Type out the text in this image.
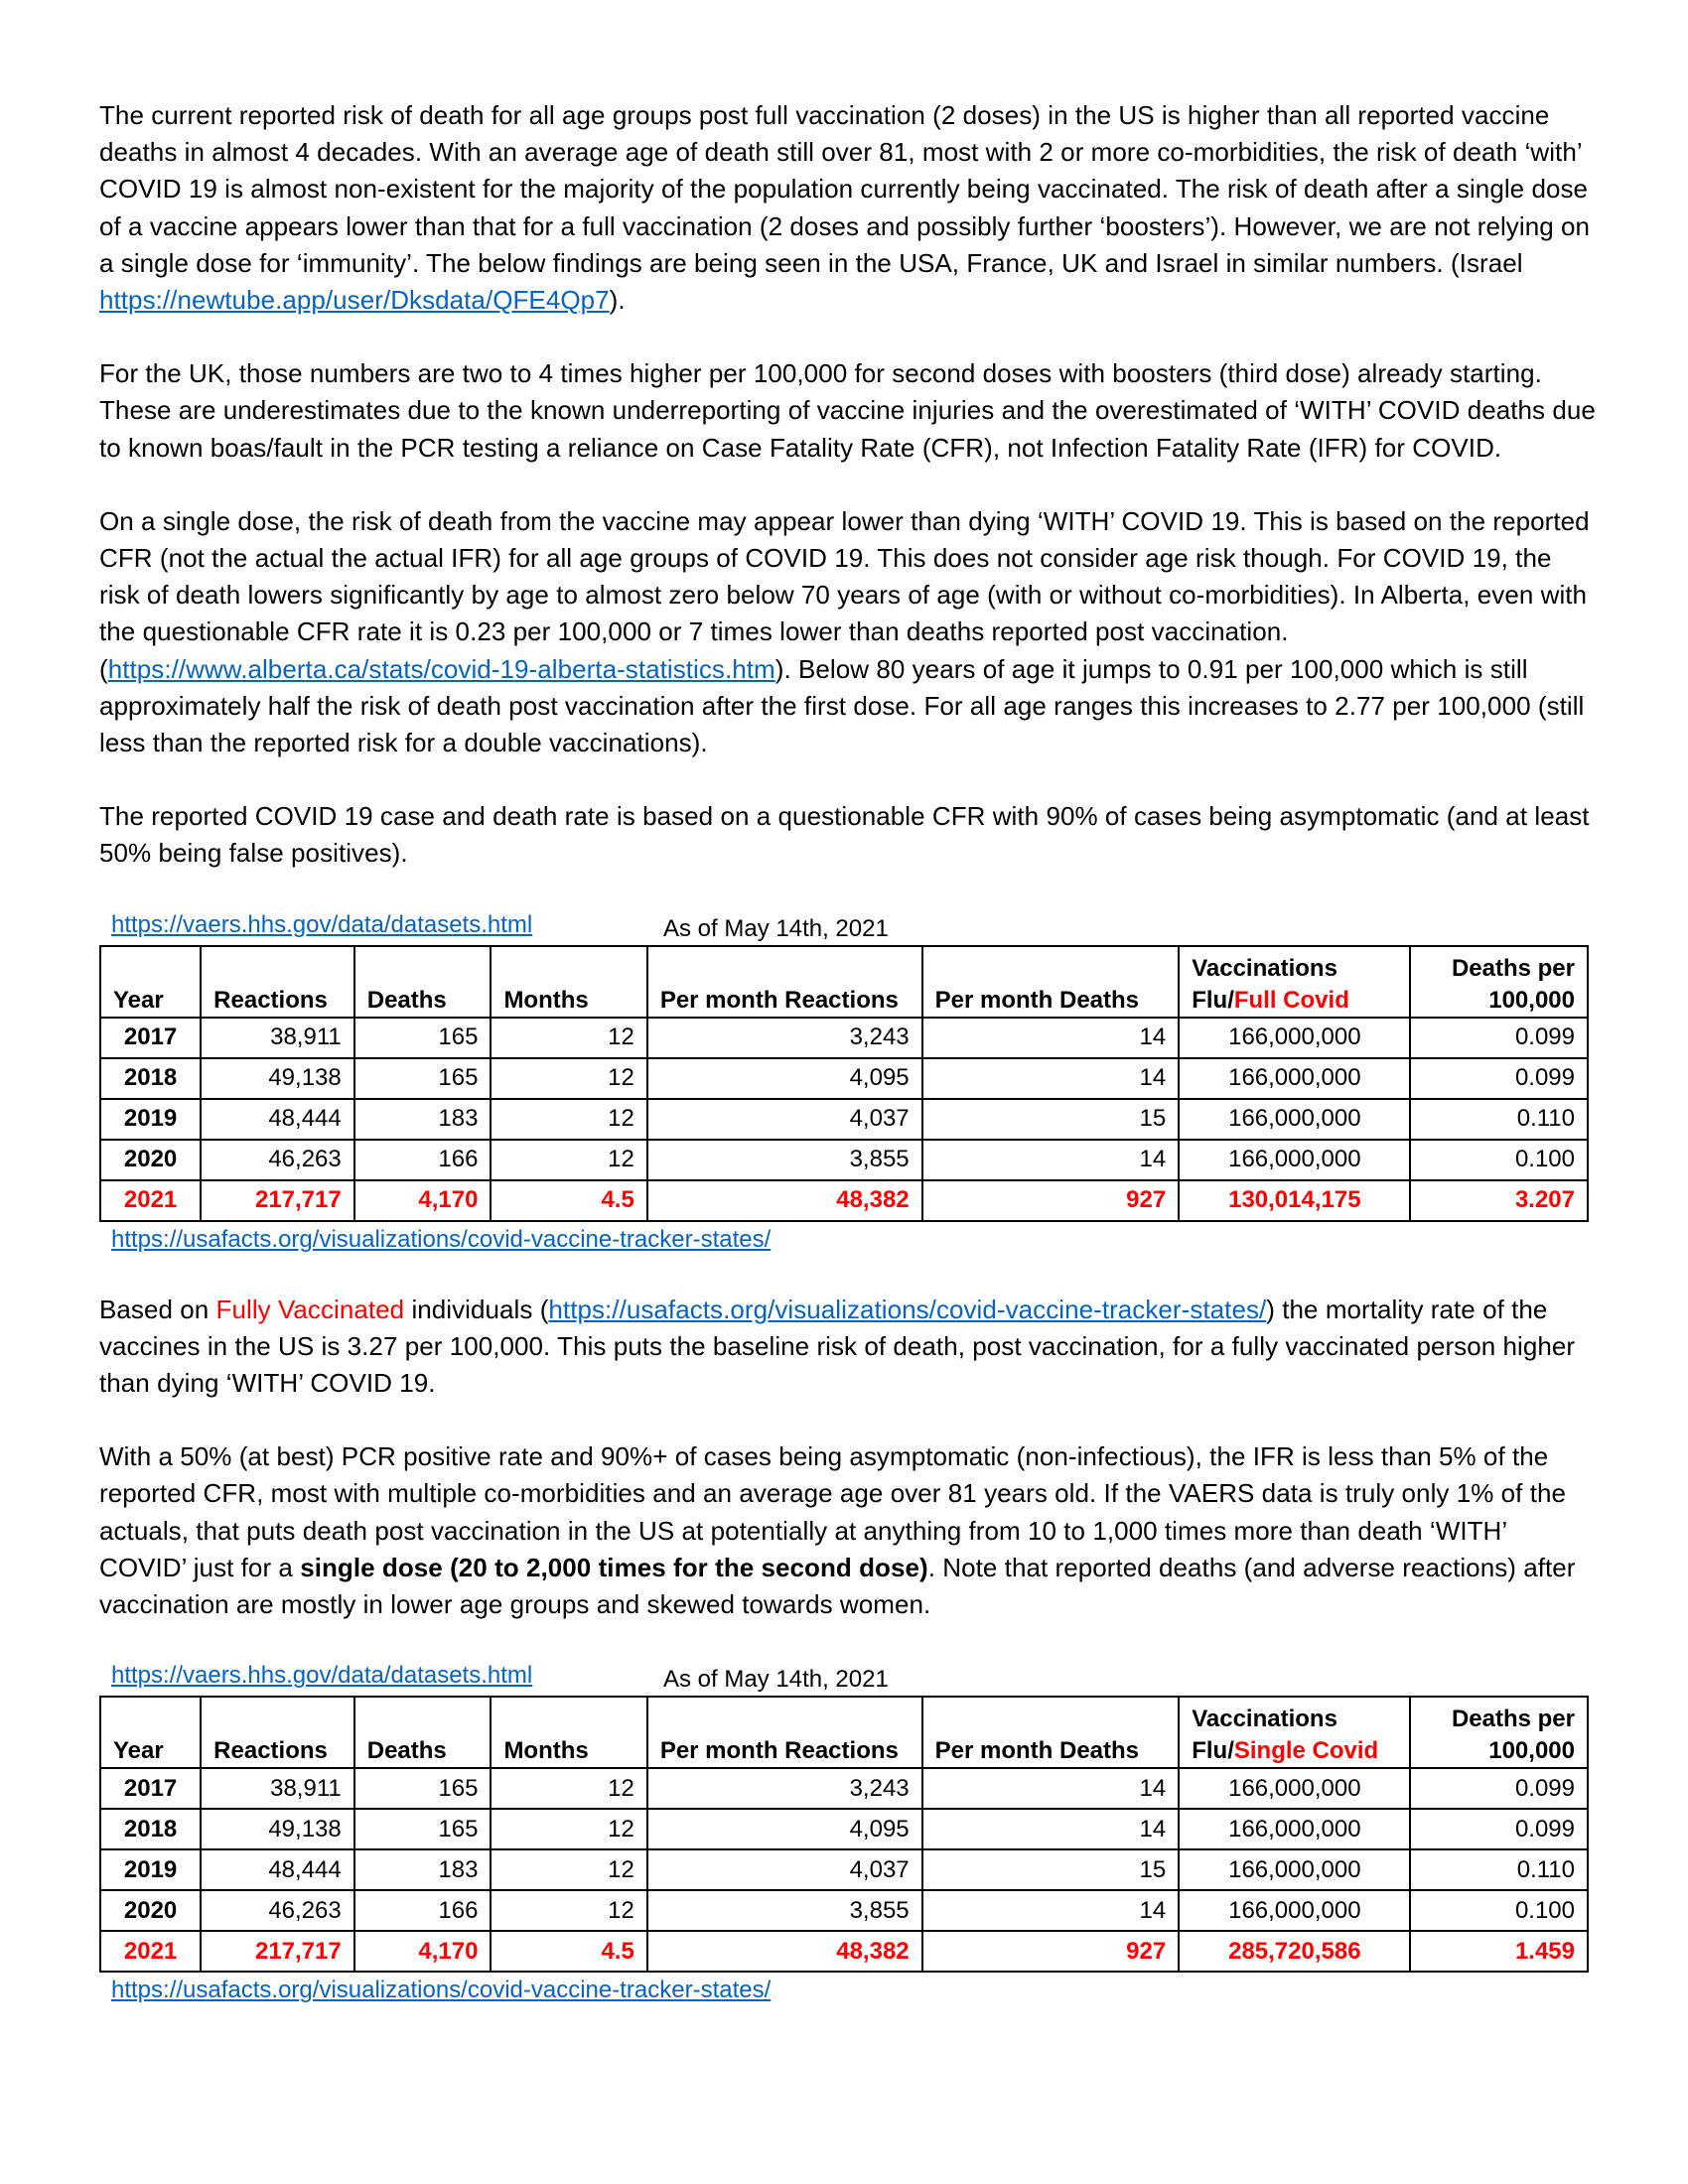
The current reported risk of death for all age groups post full vaccination (2 doses) in the US is higher than all reported vaccine deaths in almost 4 decades. With an average age of death still over 81, most with 2 or more co-morbidities, the risk of death ‘with’ COVID 19 is almost non-existent for the majority of the population currently being vaccinated. The risk of death after a single dose of a vaccine appears lower than that for a full vaccination (2 doses and possibly further ‘boosters’). However, we are not relying on a single dose for ‘immunity’. The below findings are being seen in the USA, France, UK and Israel in similar numbers. (Israel https://newtube.app/user/Dksdata/QFE4Qp7).

For the UK, those numbers are two to 4 times higher per 100,000 for second doses with boosters (third dose) already starting. These are underestimates due to the known underreporting of vaccine injuries and the overestimated of ‘WITH’ COVID deaths due to known boas/fault in the PCR testing a reliance on Case Fatality Rate (CFR), not Infection Fatality Rate (IFR) for COVID.

On a single dose, the risk of death from the vaccine may appear lower than dying ‘WITH’ COVID 19. This is based on the reported CFR (not the actual the actual IFR) for all age groups of COVID 19. This does not consider age risk though. For COVID 19, the risk of death lowers significantly by age to almost zero below 70 years of age (with or without co-morbidities). In Alberta, even with the questionable CFR rate it is 0.23 per 100,000 or 7 times lower than deaths reported post vaccination. (https://www.alberta.ca/stats/covid-19-alberta-statistics.htm). Below 80 years of age it jumps to 0.91 per 100,000 which is still approximately half the risk of death post vaccination after the first dose. For all age ranges this increases to 2.77 per 100,000 (still less than the reported risk for a double vaccinations).

The reported COVID 19 case and death rate is based on a questionable CFR with 90% of cases being asymptomatic (and at least 50% being false positives).

https://vaers.hhs.gov/data/datasets.html	As of May 14th, 2021
Year	Reactions	Deaths	Months	Per month Reactions	Per month Deaths	Vaccinations
Flu/Full Covid	Deaths per
100,000
2017	38,911	165	12	3,243	14	166,000,000	0.099
2018	49,138	165	12	4,095	14	166,000,000	0.099
2019	48,444	183	12	4,037	15	166,000,000	0.110
2020	46,263	166	12	3,855	14	166,000,000	0.100
2021	217,717	4,170	4.5	48,382	927	130,014,175	3.207
https://usafacts.org/visualizations/covid-vaccine-tracker-states/

Based on Fully Vaccinated individuals (https://usafacts.org/visualizations/covid-vaccine-tracker-states/) the mortality rate of the vaccines in the US is 3.27 per 100,000. This puts the baseline risk of death, post vaccination, for a fully vaccinated person higher than dying ‘WITH’ COVID 19.

With a 50% (at best) PCR positive rate and 90%+ of cases being asymptomatic (non-infectious), the IFR is less than 5% of the reported CFR, most with multiple co-morbidities and an average age over 81 years old. If the VAERS data is truly only 1% of the actuals, that puts death post vaccination in the US at potentially at anything from 10 to 1,000 times more than death ‘WITH’ COVID’ just for a single dose (20 to 2,000 times for the second dose). Note that reported deaths (and adverse reactions) after vaccination are mostly in lower age groups and skewed towards women.

https://vaers.hhs.gov/data/datasets.html	As of May 14th, 2021
Year	Reactions	Deaths	Months	Per month Reactions	Per month Deaths	Vaccinations
Flu/Single Covid	Deaths per
100,000
2017	38,911	165	12	3,243	14	166,000,000	0.099
2018	49,138	165	12	4,095	14	166,000,000	0.099
2019	48,444	183	12	4,037	15	166,000,000	0.110
2020	46,263	166	12	3,855	14	166,000,000	0.100
2021	217,717	4,170	4.5	48,382	927	285,720,586	1.459
https://usafacts.org/visualizations/covid-vaccine-tracker-states/
